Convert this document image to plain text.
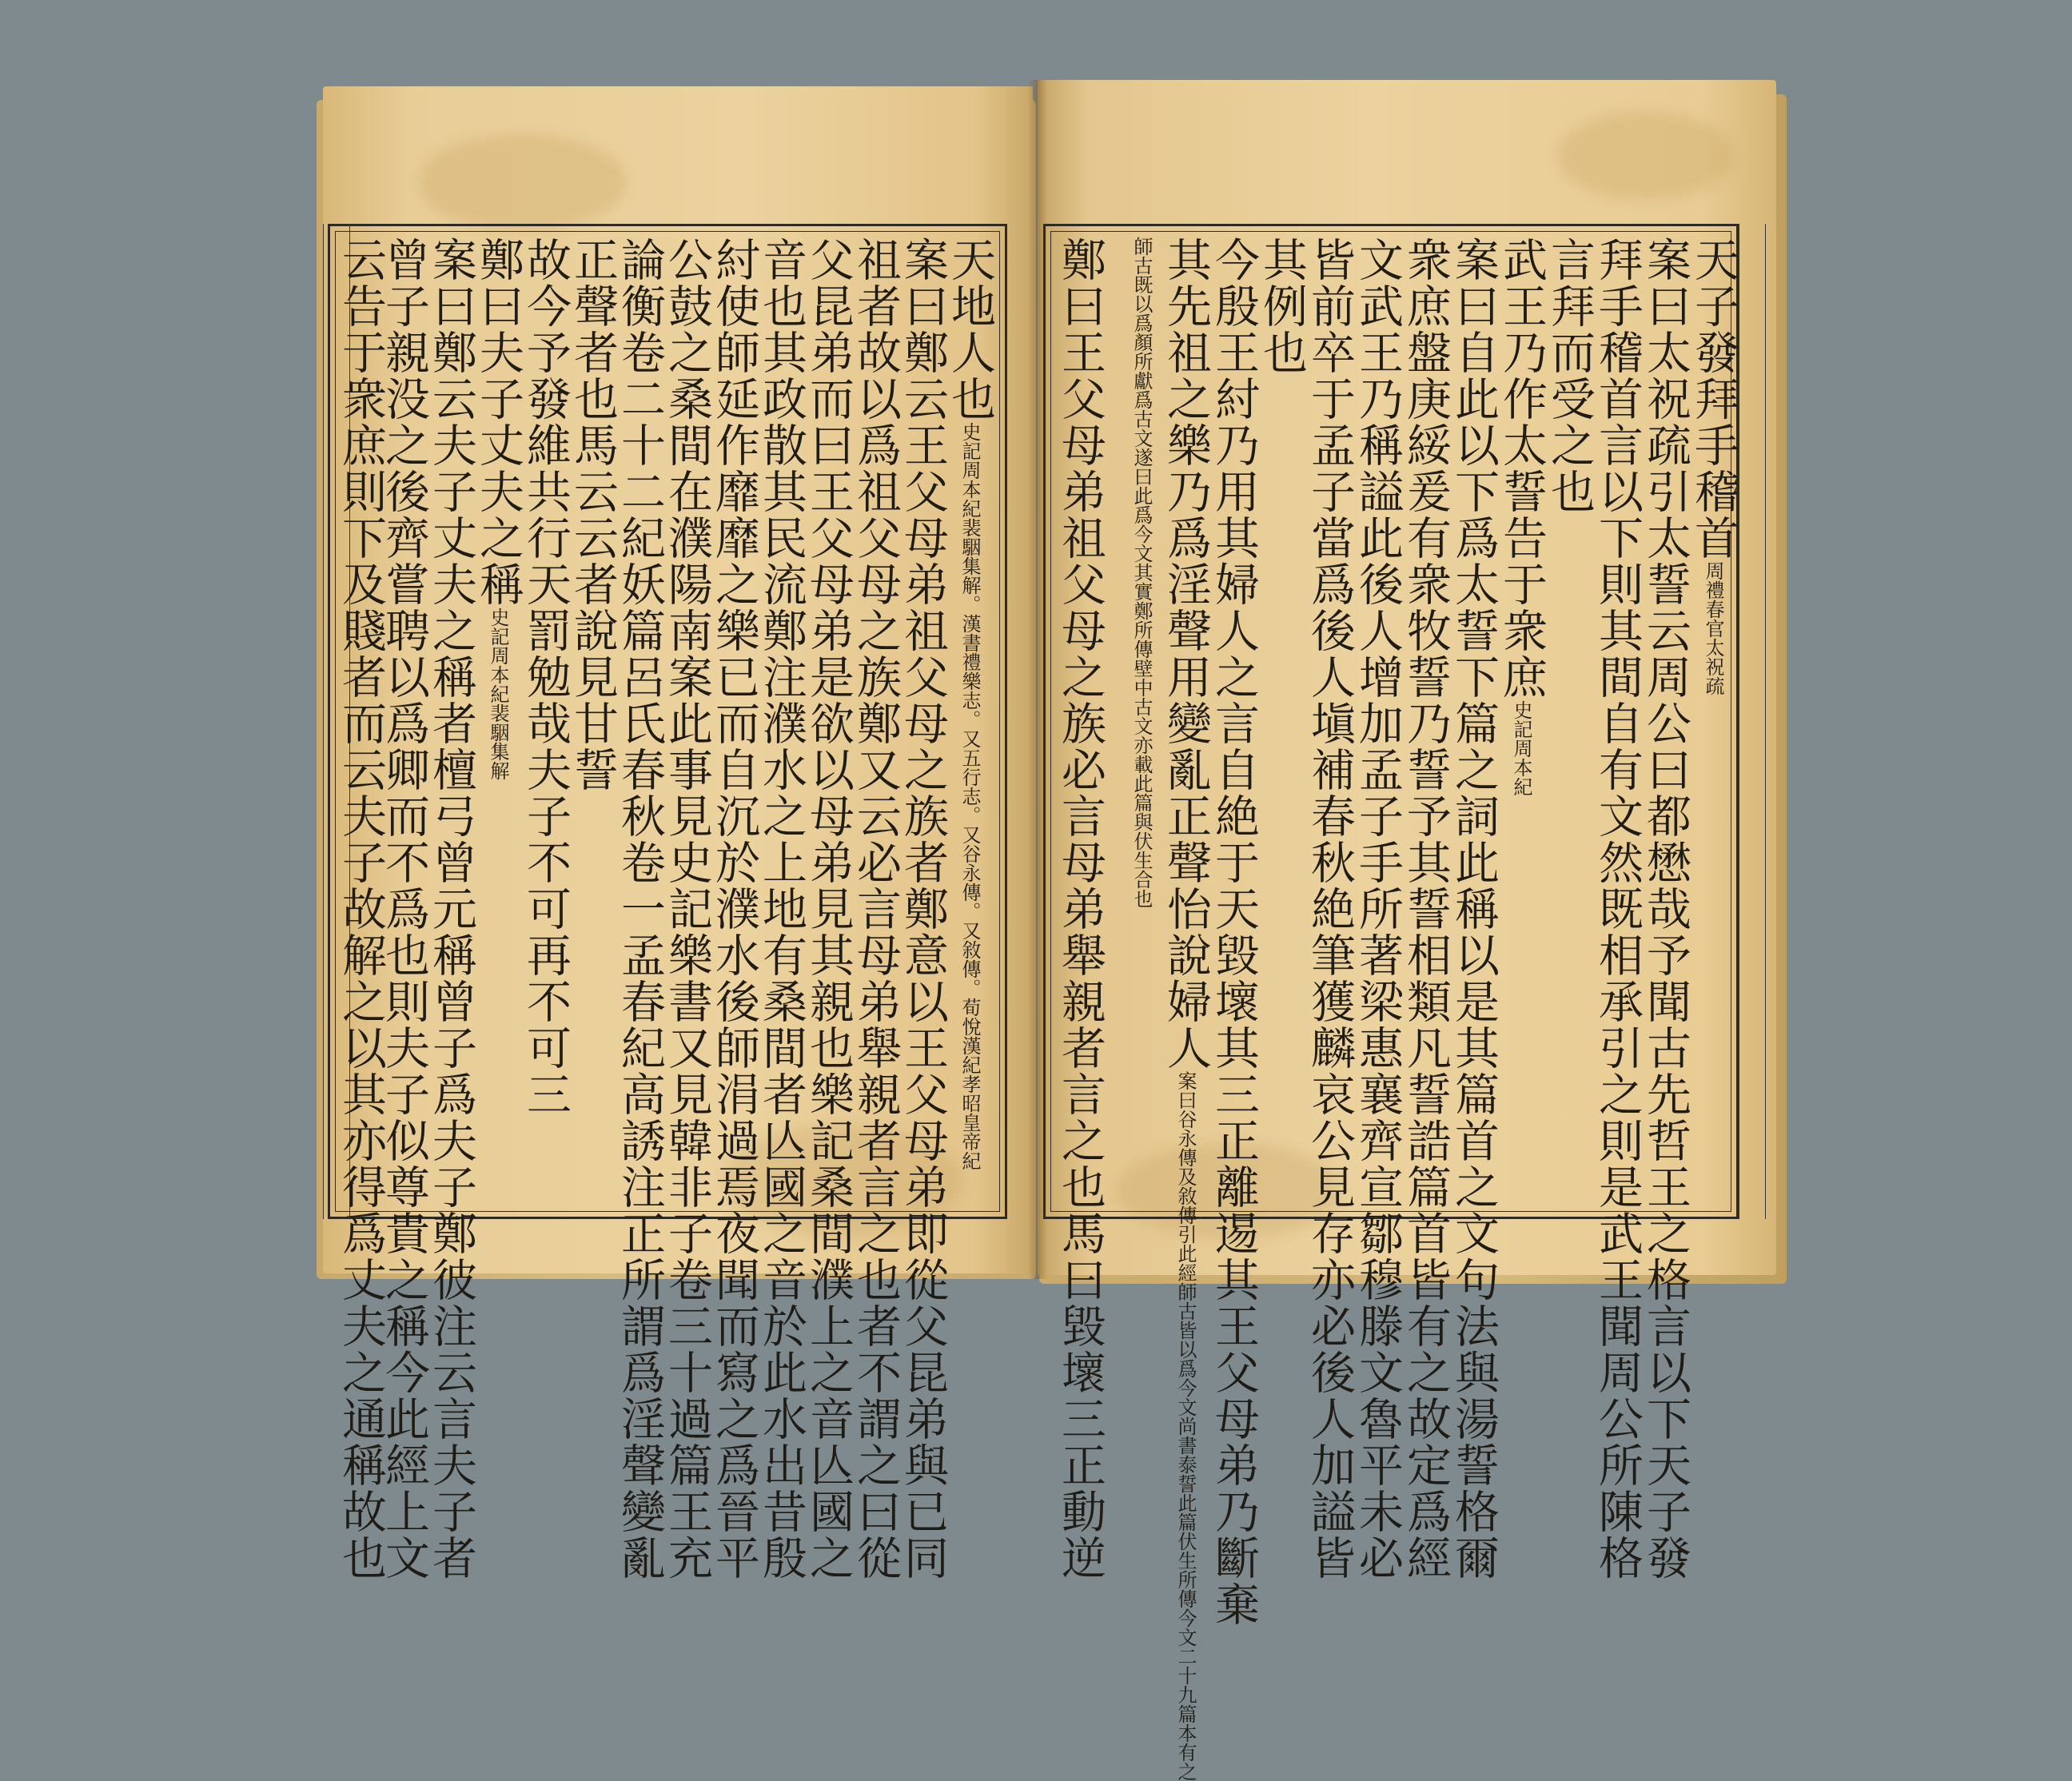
天地人也史記周本紀裴駰集解。漢書禮樂志。又五行志。又谷永傳。又敘傳。荀悅漢紀孝昭皇帝紀
案曰鄭云王父母弟祖父母之族者鄭意以王父母弟即從父昆弟與已同
祖者故以爲祖父母之族鄭又云必言母弟舉親者言之也者不謂之曰從
父昆弟而曰王父母弟是欲以母弟見其親也樂記桑間濮上之音亾國之
音也其政散其民流鄭注濮水之上地有桑間者亾國之音於此水出昔殷
紂使師延作靡靡之樂已而自沉於濮水後師涓過焉夜聞而寫之爲晉平
公鼓之桑間在濮陽南案此事見史記樂書又見韓非子卷三十過篇王充
論衡卷二十二紀妖篇呂氏春秋卷一孟春紀高誘注正所謂爲淫聲變亂
正聲者也馬云云者說見甘誓
故今予發維共行天罰勉哉夫子不可再不可三
鄭曰夫子丈夫之稱史記周本紀裴駰集解
案曰鄭云夫子丈夫之稱者檀弓曾元稱曾子爲夫子鄭彼注云言夫子者
曾子親没之後齊嘗聘以爲卿而不爲也則夫子似尊貴之稱今此經上文
云告于衆庶則下及賤者而云夫子故解之以其亦得爲丈夫之通稱故也	天子發拜手稽首周禮春官太祝疏
案曰太祝疏引太誓云周公曰都懋哉予聞古先哲王之格言以下天子發
拜手稽首言以下則其間自有文然既相承引之則是武王聞周公所陳格
言拜而受之也
武王乃作太誓告于衆庶史記周本紀
案曰自此以下爲太誓下篇之詞此稱以是其篇首之文句法與湯誓格爾
衆庶盤庚綏爰有衆牧誓乃誓予其誓相類凡誓誥篇首皆有之故定爲經
文武王乃稱謚此後人增加孟子手所著梁惠襄齊宣鄒穆滕文魯平未必
皆前卒于孟子當爲後人塡補春秋絶筆獲麟哀公見存亦必後人加謚皆
其例也
今殷王紂乃用其婦人之言自絶于天毀壞其三正離逷其王父母弟乃斷棄
其先祖之樂乃爲淫聲用變亂正聲怡說婦人案曰谷永傳及敘傳引此經師古皆以爲今文尚書泰誓此篇伏生所傳今文二十九篇本有之
師古既以爲顏所獻爲古文遂曰此爲今文其實鄭所傳壁中古文亦載此篇與伏生合也
鄭曰王父母弟祖父母之族必言母弟舉親者言之也馬曰毀壞三正動逆
